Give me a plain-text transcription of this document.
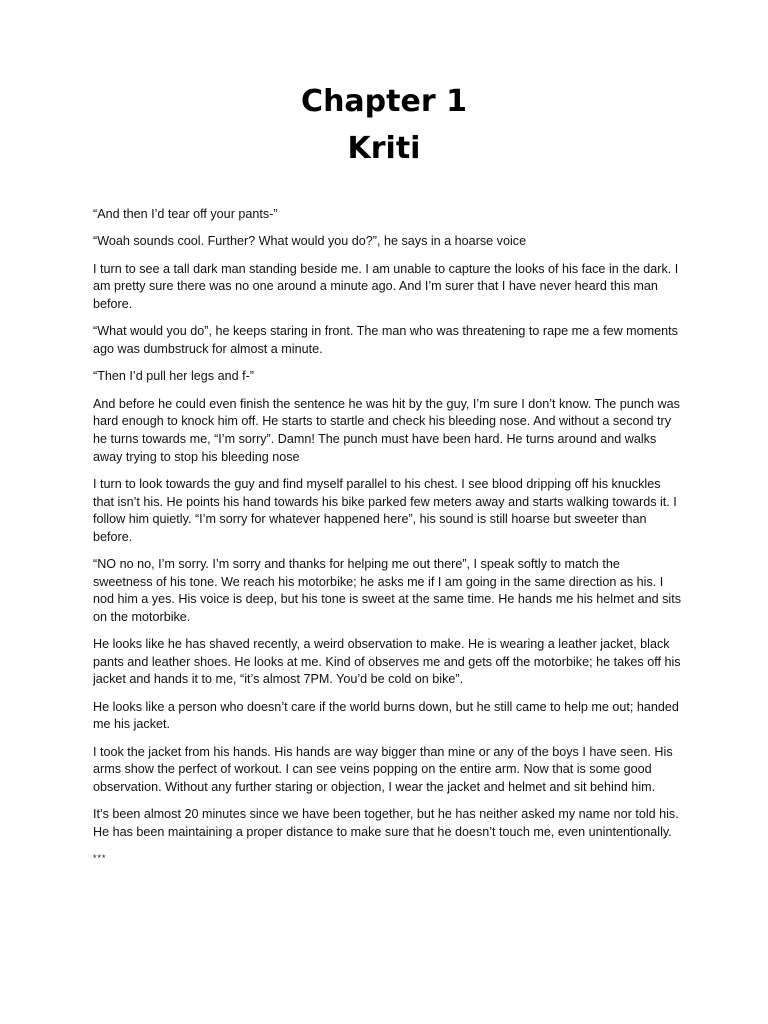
Chapter 1
Kriti

“And then I’d tear off your pants-”

“Woah sounds cool. Further? What would you do?”, he says in a hoarse voice

I turn to see a tall dark man standing beside me. I am unable to capture the looks of his face in the dark. I am pretty sure there was no one around a minute ago. And I’m surer that I have never heard this man before.

“What would you do”, he keeps staring in front. The man who was threatening to rape me a few moments ago was dumbstruck for almost a minute.

“Then I’d pull her legs and f-”

And before he could even finish the sentence he was hit by the guy, I’m sure I don’t know. The punch was hard enough to knock him off. He starts to startle and check his bleeding nose. And without a second try he turns towards me, “I’m sorry”. Damn! The punch must have been hard. He turns around and walks away trying to stop his bleeding nose

I turn to look towards the guy and find myself parallel to his chest. I see blood dripping off his knuckles that isn’t his. He points his hand towards his bike parked few meters away and starts walking towards it. I follow him quietly. “I’m sorry for whatever happened here”, his sound is still hoarse but sweeter than before.

“NO no no, I’m sorry. I’m sorry and thanks for helping me out there”, I speak softly to match the sweetness of his tone. We reach his motorbike; he asks me if I am going in the same direction as his. I nod him a yes. His voice is deep, but his tone is sweet at the same time. He hands me his helmet and sits on the motorbike.

He looks like he has shaved recently, a weird observation to make. He is wearing a leather jacket, black pants and leather shoes. He looks at me. Kind of observes me and gets off the motorbike; he takes off his jacket and hands it to me, “it’s almost 7PM. You’d be cold on bike”.

He looks like a person who doesn’t care if the world burns down, but he still came to help me out; handed me his jacket.

I took the jacket from his hands. His hands are way bigger than mine or any of the boys I have seen. His arms show the perfect of workout. I can see veins popping on the entire arm. Now that is some good observation. Without any further staring or objection, I wear the jacket and helmet and sit behind him.

It’s been almost 20 minutes since we have been together, but he has neither asked my name nor told his. He has been maintaining a proper distance to make sure that he doesn’t touch me, even unintentionally.

***
